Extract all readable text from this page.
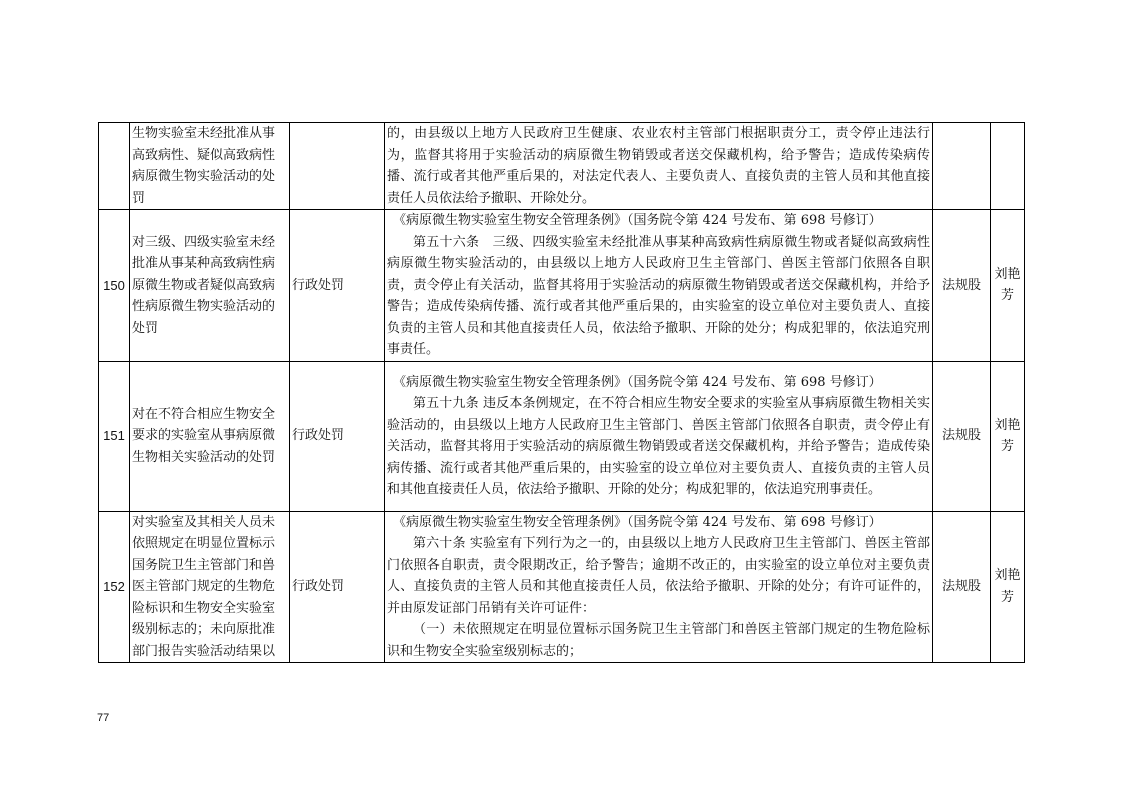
	生物实验室未经批准从事高致病性、疑似高致病性病原微生物实验活动的处罚		的，由县级以上地方人民政府卫生健康、农业农村主管部门根据职责分工，责令停止违法行为，监督其将用于实验活动的病原微生物销毁或者送交保藏机构，给予警告；造成传染病传播、流行或者其他严重后果的，对法定代表人、主要负责人、直接负责的主管人员和其他直接责任人员依法给予撤职、开除处分。		

150	对三级、四级实验室未经批准从事某种高致病性病原微生物或者疑似高致病性病原微生物实验活动的处罚	行政处罚	《病原微生物实验室生物安全管理条例》（国务院令第 424 号发布、第 698 号修订）
第五十六条　三级、四级实验室未经批准从事某种高致病性病原微生物或者疑似高致病性病原微生物实验活动的，由县级以上地方人民政府卫生主管部门、兽医主管部门依照各自职责，责令停止有关活动，监督其将用于实验活动的病原微生物销毁或者送交保藏机构，并给予警告；造成传染病传播、流行或者其他严重后果的，由实验室的设立单位对主要负责人、直接负责的主管人员和其他直接责任人员，依法给予撤职、开除的处分；构成犯罪的，依法追究刑事责任。	法规股	刘艳芳
151	对在不符合相应生物安全要求的实验室从事病原微生物相关实验活动的处罚	行政处罚	《病原微生物实验室生物安全管理条例》（国务院令第 424 号发布、第 698 号修订）
第五十九条 违反本条例规定，在不符合相应生物安全要求的实验室从事病原微生物相关实验活动的，由县级以上地方人民政府卫生主管部门、兽医主管部门依照各自职责，责令停止有关活动，监督其将用于实验活动的病原微生物销毁或者送交保藏机构，并给予警告；造成传染病传播、流行或者其他严重后果的，由实验室的设立单位对主要负责人、直接负责的主管人员和其他直接责任人员，依法给予撤职、开除的处分；构成犯罪的，依法追究刑事责任。	法规股	刘艳芳
152	对实验室及其相关人员未依照规定在明显位置标示国务院卫生主管部门和兽医主管部门规定的生物危险标识和生物安全实验室级别标志的；未向原批准部门报告实验活动结果以	行政处罚	《病原微生物实验室生物安全管理条例》（国务院令第 424 号发布、第 698 号修订）
第六十条 实验室有下列行为之一的，由县级以上地方人民政府卫生主管部门、兽医主管部门依照各自职责，责令限期改正，给予警告；逾期不改正的，由实验室的设立单位对主要负责人、直接负责的主管人员和其他直接责任人员，依法给予撤职、开除的处分；有许可证件的，并由原发证部门吊销有关许可证件：
（一）未依照规定在明显位置标示国务院卫生主管部门和兽医主管部门规定的生物危险标识和生物安全实验室级别标志的；	法规股	刘艳芳
77
